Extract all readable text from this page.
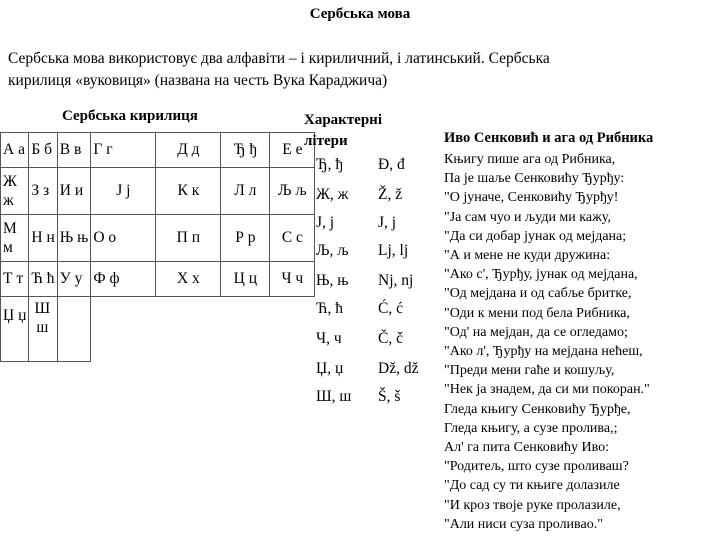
Сербська мова

Сербська мова використовує два алфавіти – і кириличний, і латинський. Сербська

кирилиця «вуковиця» (названа на честь Вука Караджича)

Сербська кирилиця
А а	Б б	В в	Г г	Д д	Ђ ђ	Е е
Ж ж	З з	И и	Ј ј	К к	Л л	Љ љ
М м	Н н	Њ њ	О о	П п	Р р	С с
Т т	Ћ ћ	У у	Ф ф	Х х	Ц ц	Ч ч
Џ џ	Ш ш					
Характерні
літери
Ђ, ђ Đ, đ
Ж, ж Ž, ž
Ј, ј	J, j
Љ, љ Lj, lj
Њ, њ Nj, nj
Ћ, ћ Ć, ć
Ч, ч Č, č
Џ, џ Dž, dž
Ш, ш Š, š
Иво Сенковић и ага од Рибника
Књигу пише ага од Рибника,
Па је шаље Сенковићу Ђурђу:
"О јуначе, Сенковићу Ђурђу!
"Ја сам чуо и људи ми кажу,
"Да си добар јунак од мејдана;
"А и мене не куди дружина:
"Ако с', Ђурђу, јунак од мејдана,
"Од мејдана и од сабље бритке,
"Оди к мени под бела Рибника,
"Од' на мејдан, да се огледамо;
"Ако л', Ђурђу на мејдана нећеш,
"Преди мени гаће и кошуљу,
"Нек ја знадем, да си ми покоран."
Гледа књигу Сенковићу Ђурђе,
Гледа књигу, а сузе пролива,;
Ал' га пита Сенковићу Иво:
"Родитељ, што сузе проливаш?
"До сад су ти књиге долазиле
"И кроз твоје руке пролазиле,
"Али ниси суза проливао."
